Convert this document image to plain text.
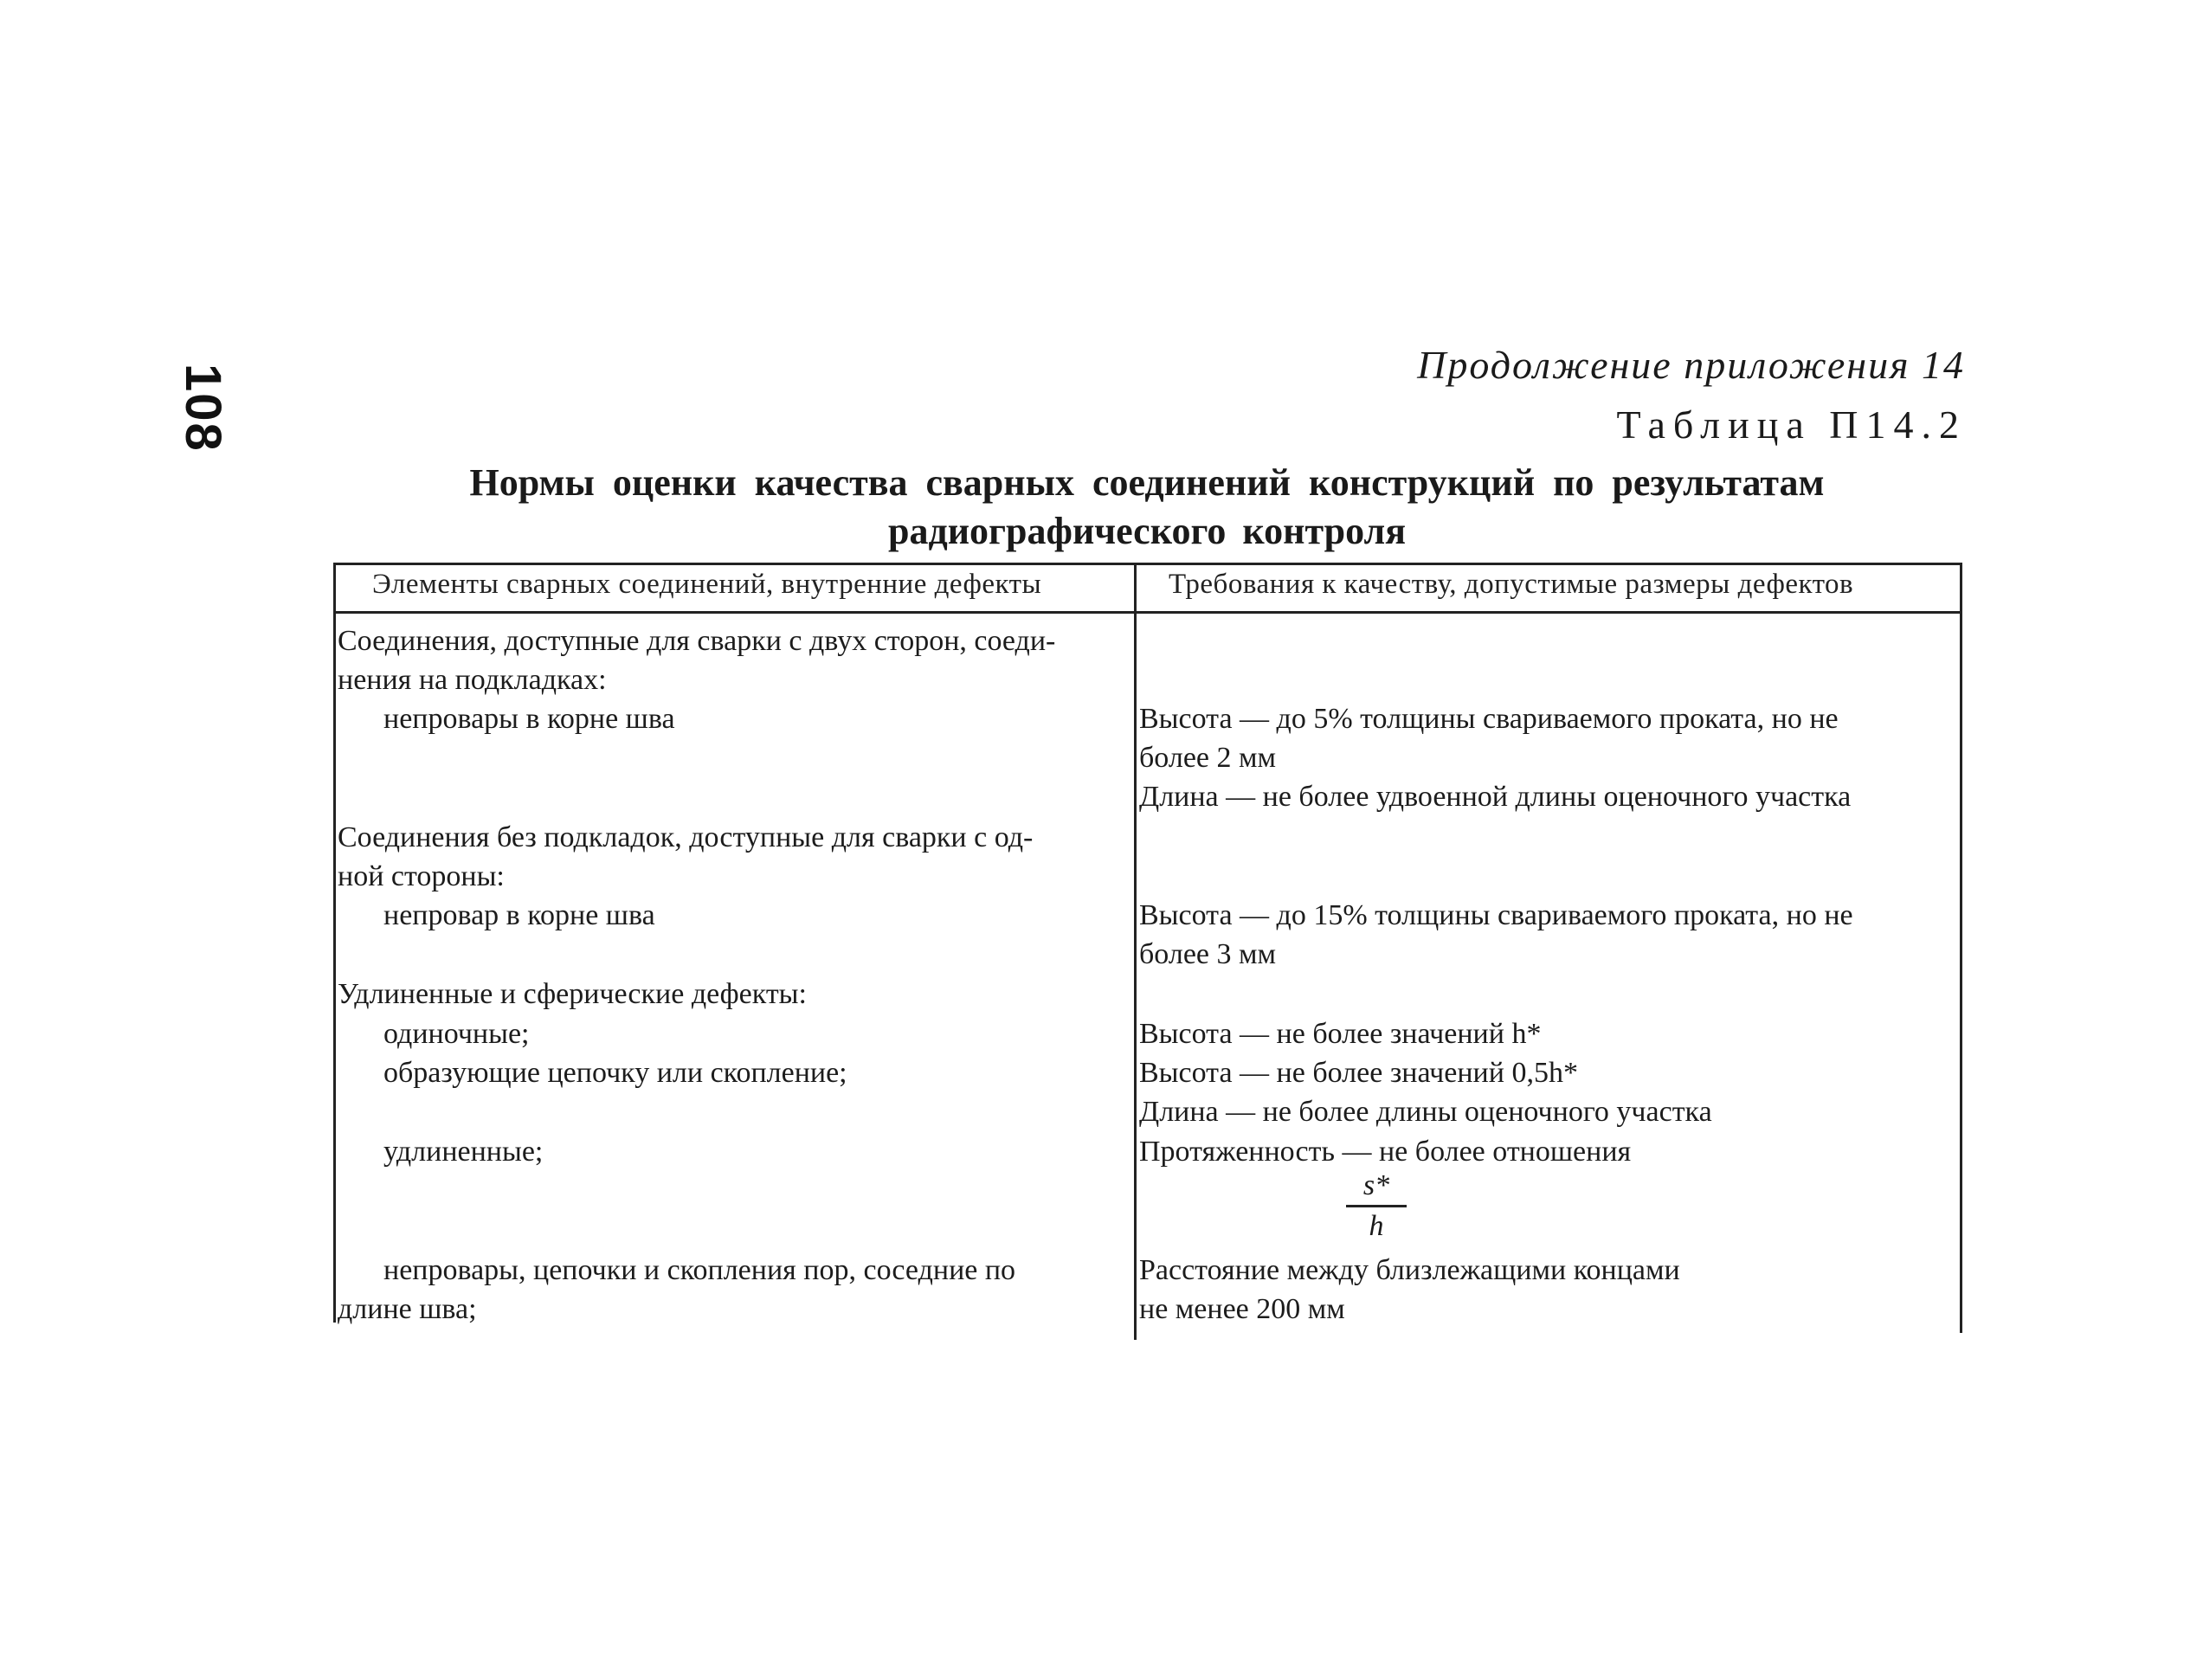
108	Продолжение приложения 14
Таблица П14.2
Нормы оценки качества сварных соединений конструкций по результатам
радиографического контроля
Элементы сварных соединений, внутренние дефекты	Требования к качеству, допустимые размеры дефектов
Соединения, доступные для сварки с двух сторон, соеди-
нения на подкладках:
непровары в корне шва
Соединения без подкладок, доступные для сварки с од-
ной стороны:
непровар в корне шва
Удлиненные и сферические дефекты:
одиночные;
образующие цепочку или скопление;
удлиненные;
непровары, цепочки и скопления пор, соседние по
длине шва;
Высота — до 5% толщины свариваемого проката, но не
более 2 мм
Длина — не более удвоенной длины оценочного участка
Высота — до 15% толщины свариваемого проката, но не
более 3 мм
Высота — не более значений h*
Высота — не более значений 0,5h*
Длина — не более длины оценочного участка
Протяженность — не более отношения
Расстояние между близлежащими концами
не менее 200 мм
$\frac{s*}{h}$
